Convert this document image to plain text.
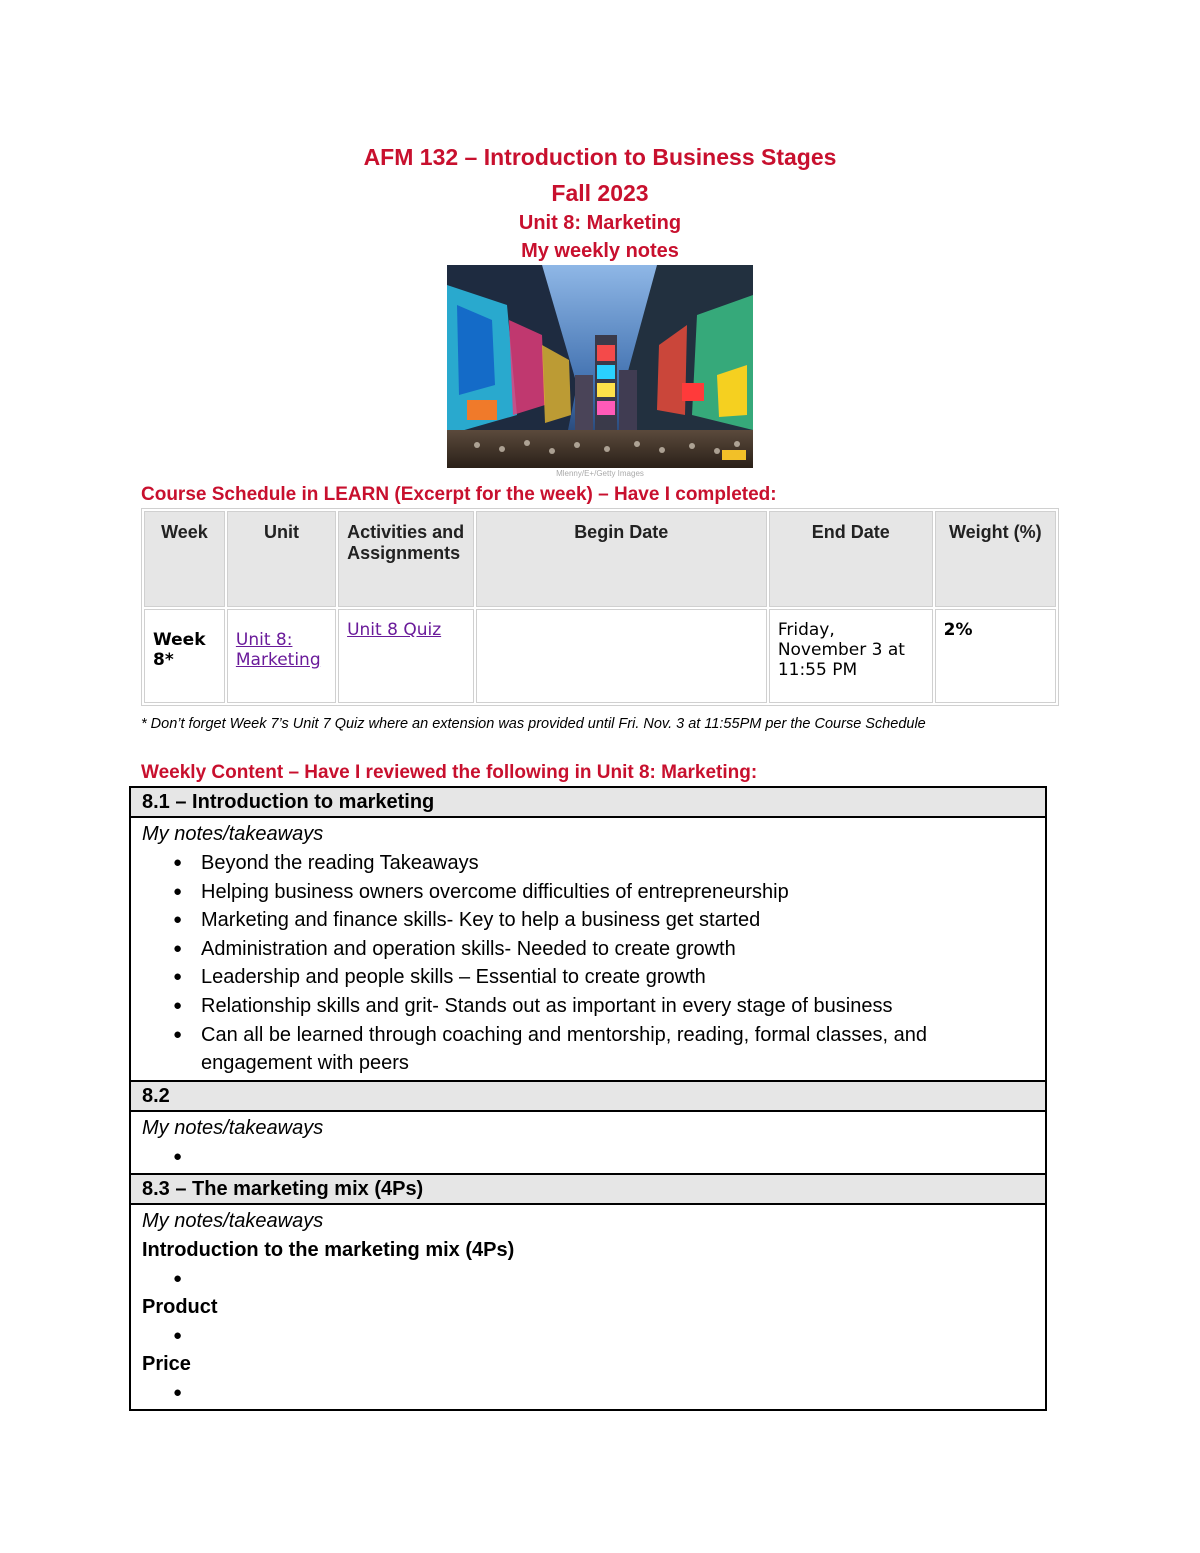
AFM 132 – Introduction to Business Stages
Fall 2023
Unit 8: Marketing
My weekly notes
Mlenny/E+/Getty Images
Course Schedule in LEARN (Excerpt for the week) – Have I completed:
Week	Unit	Activities and Assignments	Begin Date	End Date	Weight (%)
Week 8*	Unit 8: Marketing	Unit 8 Quiz		Friday, November 3 at 11:55 PM	2%
* Don’t forget Week 7’s Unit 7 Quiz where an extension was provided until Fri. Nov. 3 at 11:55PM per the Course Schedule
Weekly Content – Have I reviewed the following in Unit 8: Marketing:
8.1 – Introduction to marketing
My notes/takeaways
● Beyond the reading Takeaways
● Helping business owners overcome difficulties of entrepreneurship
● Marketing and finance skills- Key to help a business get started
● Administration and operation skills- Needed to create growth
● Leadership and people skills – Essential to create growth
● Relationship skills and grit- Stands out as important in every stage of business
● Can all be learned through coaching and mentorship, reading, formal classes, and engagement with peers
8.2
My notes/takeaways
●
8.3 – The marketing mix (4Ps)
My notes/takeaways
Introduction to the marketing mix (4Ps)
●
Product
●
Price
●
